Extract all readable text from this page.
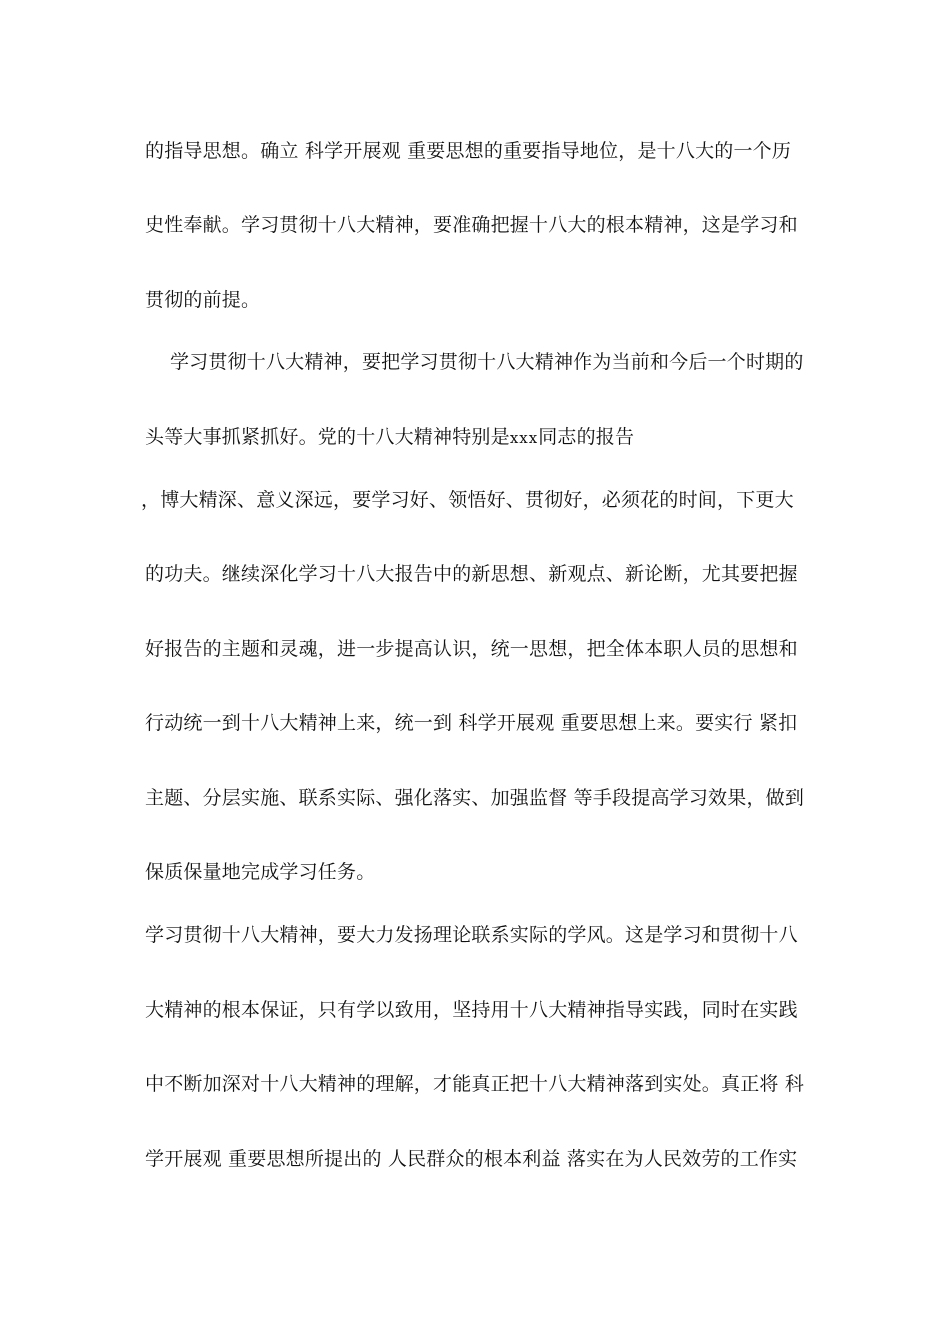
的指导思想。确立 科学开展观 重要思想的重要指导地位，是十八大的一个历
史性奉献。学习贯彻十八大精神，要准确把握十八大的根本精神，这是学习和
贯彻的前提。
学习贯彻十八大精神，要把学习贯彻十八大精神作为当前和今后一个时期的
头等大事抓紧抓好。党的十八大精神特别是xxx同志的报告
，博大精深、意义深远，要学习好、领悟好、贯彻好，必须花的时间，下更大
的功夫。继续深化学习十八大报告中的新思想、新观点、新论断，尤其要把握
好报告的主题和灵魂，进一步提高认识，统一思想，把全体本职人员的思想和
行动统一到十八大精神上来，统一到 科学开展观 重要思想上来。要实行 紧扣
主题、分层实施、联系实际、强化落实、加强监督 等手段提高学习效果，做到
保质保量地完成学习任务。
学习贯彻十八大精神，要大力发扬理论联系实际的学风。这是学习和贯彻十八
大精神的根本保证，只有学以致用，坚持用十八大精神指导实践，同时在实践
中不断加深对十八大精神的理解，才能真正把十八大精神落到实处。真正将 科
学开展观 重要思想所提出的 人民群众的根本利益 落实在为人民效劳的工作实
